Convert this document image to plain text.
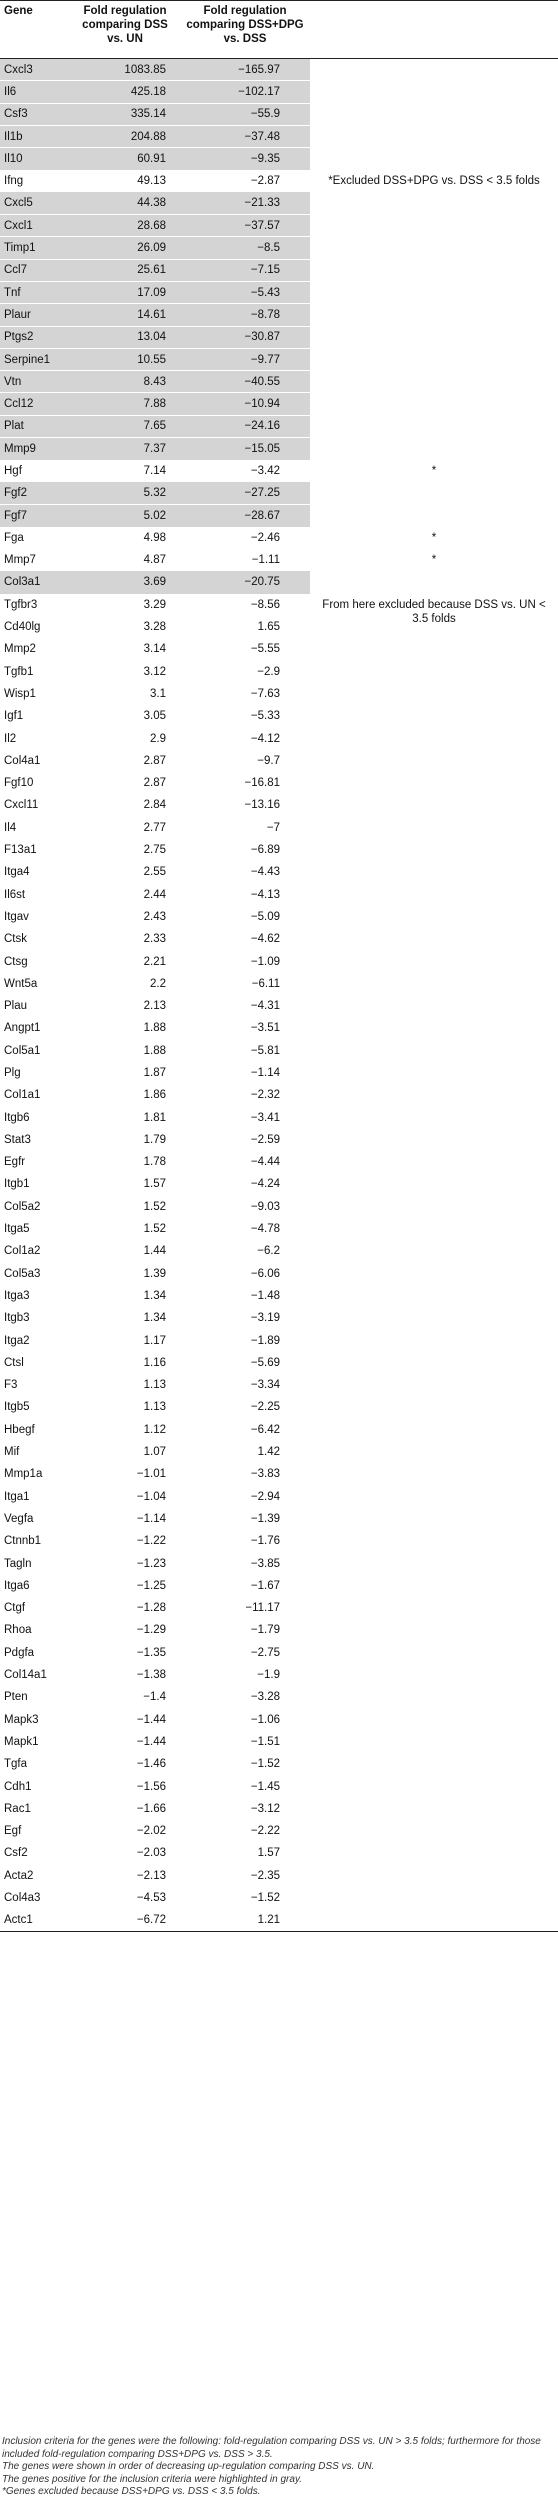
Gene	Fold regulation comparing DSS vs. UN	Fold regulation comparing DSS+DPG vs. DSS	
Cxcl3	1083.85	−165.97	
Il6	425.18	−102.17	
Csf3	335.14	−55.9	
Il1b	204.88	−37.48	
Il10	60.91	−9.35	
Ifng	49.13	−2.87	*Excluded DSS+DPG vs. DSS < 3.5 folds

Cxcl5	44.38	−21.33	
Cxcl1	28.68	−37.57	
Timp1	26.09	−8.5	
Ccl7	25.61	−7.15	
Tnf	17.09	−5.43	
Plaur	14.61	−8.78	
Ptgs2	13.04	−30.87	
Serpine1	10.55	−9.77	
Vtn	8.43	−40.55	
Ccl12	7.88	−10.94	
Plat	7.65	−24.16	
Mmp9	7.37	−15.05	
Hgf	7.14	−3.42	*
Fgf2	5.32	−27.25	
Fgf7	5.02	−28.67	
Fga	4.98	−2.46	*
Mmp7	4.87	−1.11	*
Col3a1	3.69	−20.75	
Tgfbr3	3.29	−8.56	From here excluded because DSS vs. UN < 3.5 folds

Cd40lg	3.28	1.65	
Mmp2	3.14	−5.55	
Tgfb1	3.12	−2.9	
Wisp1	3.1	−7.63	
Igf1	3.05	−5.33	
Il2	2.9	−4.12	
Col4a1	2.87	−9.7	
Fgf10	2.87	−16.81	
Cxcl11	2.84	−13.16	
Il4	2.77	−7	
F13a1	2.75	−6.89	
Itga4	2.55	−4.43	
Il6st	2.44	−4.13	
Itgav	2.43	−5.09	
Ctsk	2.33	−4.62	
Ctsg	2.21	−1.09	
Wnt5a	2.2	−6.11	
Plau	2.13	−4.31	
Angpt1	1.88	−3.51	
Col5a1	1.88	−5.81	
Plg	1.87	−1.14	
Col1a1	1.86	−2.32	
Itgb6	1.81	−3.41	
Stat3	1.79	−2.59	
Egfr	1.78	−4.44	
Itgb1	1.57	−4.24	
Col5a2	1.52	−9.03	
Itga5	1.52	−4.78	
Col1a2	1.44	−6.2	
Col5a3	1.39	−6.06	
Itga3	1.34	−1.48	
Itgb3	1.34	−3.19	
Itga2	1.17	−1.89	
Ctsl	1.16	−5.69	
F3	1.13	−3.34	
Itgb5	1.13	−2.25	
Hbegf	1.12	−6.42	
Mif	1.07	1.42	
Mmp1a	−1.01	−3.83	
Itga1	−1.04	−2.94	
Vegfa	−1.14	−1.39	
Ctnnb1	−1.22	−1.76	
Tagln	−1.23	−3.85	
Itga6	−1.25	−1.67	
Ctgf	−1.28	−11.17	
Rhoa	−1.29	−1.79	
Pdgfa	−1.35	−2.75	
Col14a1	−1.38	−1.9	
Pten	−1.4	−3.28	
Mapk3	−1.44	−1.06	
Mapk1	−1.44	−1.51	
Tgfa	−1.46	−1.52	
Cdh1	−1.56	−1.45	
Rac1	−1.66	−3.12	
Egf	−2.02	−2.22	
Csf2	−2.03	1.57	
Acta2	−2.13	−2.35	
Col4a3	−4.53	−1.52	
Actc1	−6.72	1.21	

Inclusion criteria for the genes were the following: fold-regulation comparing DSS vs. UN > 3.5 folds; furthermore for those included fold-regulation comparing DSS+DPG vs. DSS > 3.5.

The genes were shown in order of decreasing up-regulation comparing DSS vs. UN.

The genes positive for the inclusion criteria were highlighted in gray.

*Genes excluded because DSS+DPG vs. DSS < 3.5 folds.
